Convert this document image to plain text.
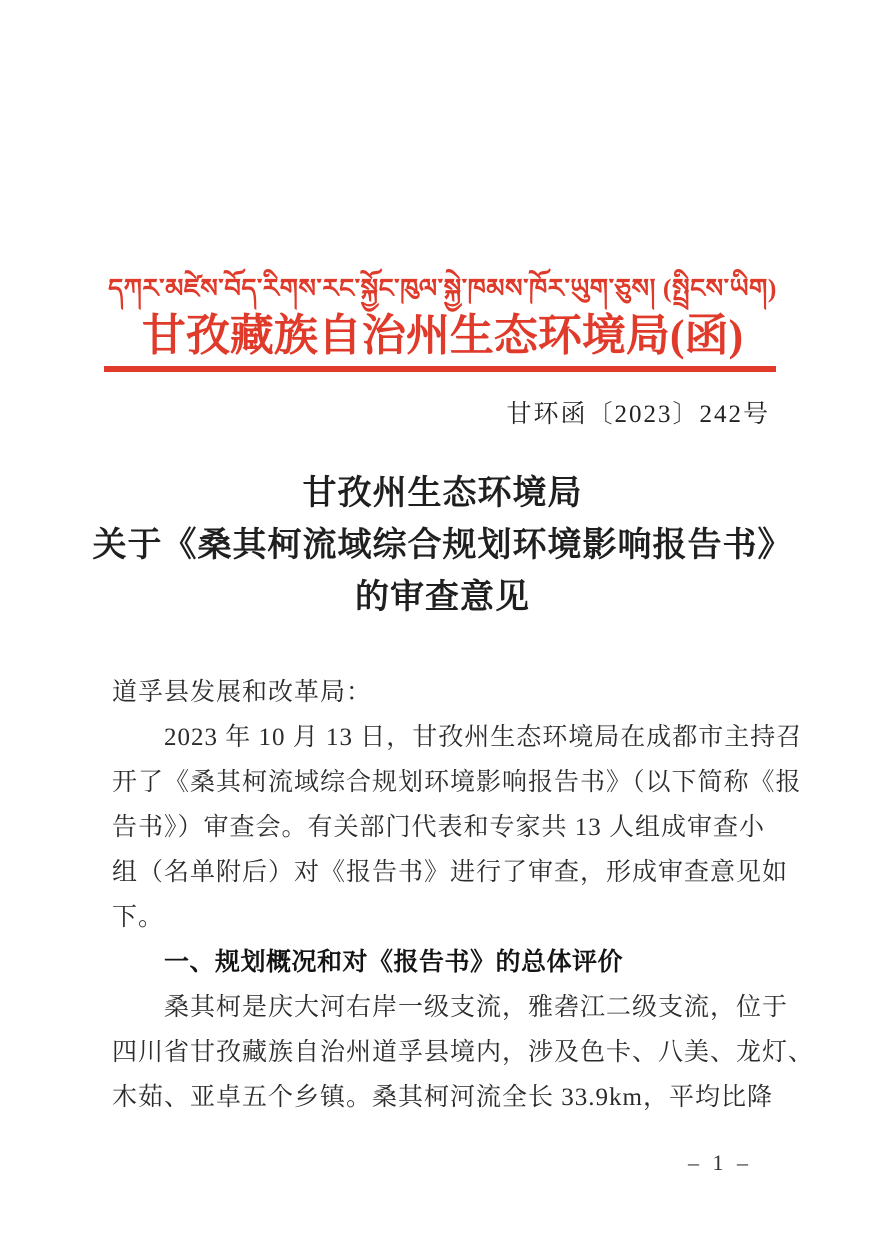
དཀར་མཛེས་བོད་རིགས་རང་སྐྱོང་ཁུལ་སྐྱེ་ཁམས་ཁོར་ཡུག་ཅུས། (སྤྲིངས་ཡིག)
甘孜藏族自治州生态环境局(函)
甘环函〔2023〕242号
甘孜州生态环境局
关于《桑其柯流域综合规划环境影响报告书》
的审查意见
道孚县发展和改革局：
2023 年 10 月 13 日，甘孜州生态环境局在成都市主持召
开了《桑其柯流域综合规划环境影响报告书》（以下简称《报
告书》）审查会。有关部门代表和专家共 13 人组成审查小
组（名单附后）对《报告书》进行了审查，形成审查意见如
下。
一、规划概况和对《报告书》的总体评价
桑其柯是庆大河右岸一级支流，雅砻江二级支流，位于
四川省甘孜藏族自治州道孚县境内，涉及色卡、八美、龙灯、
木茹、亚卓五个乡镇。桑其柯河流全长 33.9km，平均比降
– 1 –
